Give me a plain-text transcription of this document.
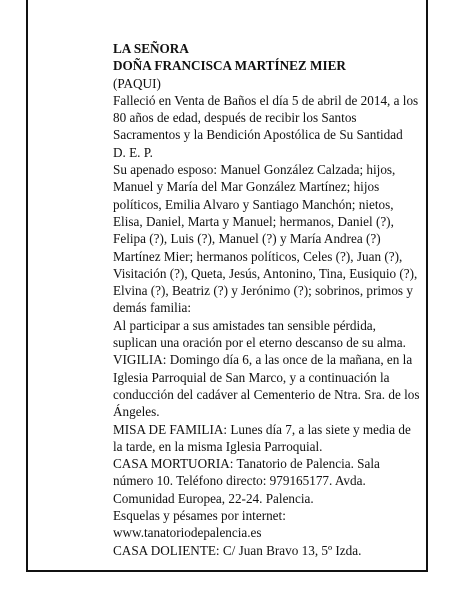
LA SEÑORA

DOÑA FRANCISCA MARTÍNEZ MIER

(PAQUI)

Falleció en Venta de Baños el día 5 de abril de 2014, a los 80 años de edad, después de recibir los Santos Sacramentos y la Bendición Apostólica de Su Santidad

D. E. P.

Su apenado esposo: Manuel González Calzada; hijos, Manuel y María del Mar González Martínez; hijos políticos, Emilia Alvaro y Santiago Manchón; nietos, Elisa, Daniel, Marta y Manuel; hermanos, Daniel (?), Felipa (?), Luis (?), Manuel (?) y María Andrea (?) Martínez Mier; hermanos políticos, Celes (?), Juan (?), Visitación (?), Queta, Jesús, Antonino, Tina, Eusiquio (?), Elvina (?), Beatriz (?) y Jerónimo (?); sobrinos, primos y demás familia:

Al participar a sus amistades tan sensible pérdida, suplican una oración por el eterno descanso de su alma.

VIGILIA: Domingo día 6, a las once de la mañana, en la Iglesia Parroquial de San Marco, y a continuación la conducción del cadáver al Cementerio de Ntra. Sra. de los Ángeles.

MISA DE FAMILIA: Lunes día 7, a las siete y media de la tarde, en la misma Iglesia Parroquial.

CASA MORTUORIA: Tanatorio de Palencia. Sala número 10. Teléfono directo: 979165177. Avda. Comunidad Europea, 22-24. Palencia.

Esquelas y pésames por internet:

www.tanatoriodepalencia.es

CASA DOLIENTE: C/ Juan Bravo 13, 5º Izda.
